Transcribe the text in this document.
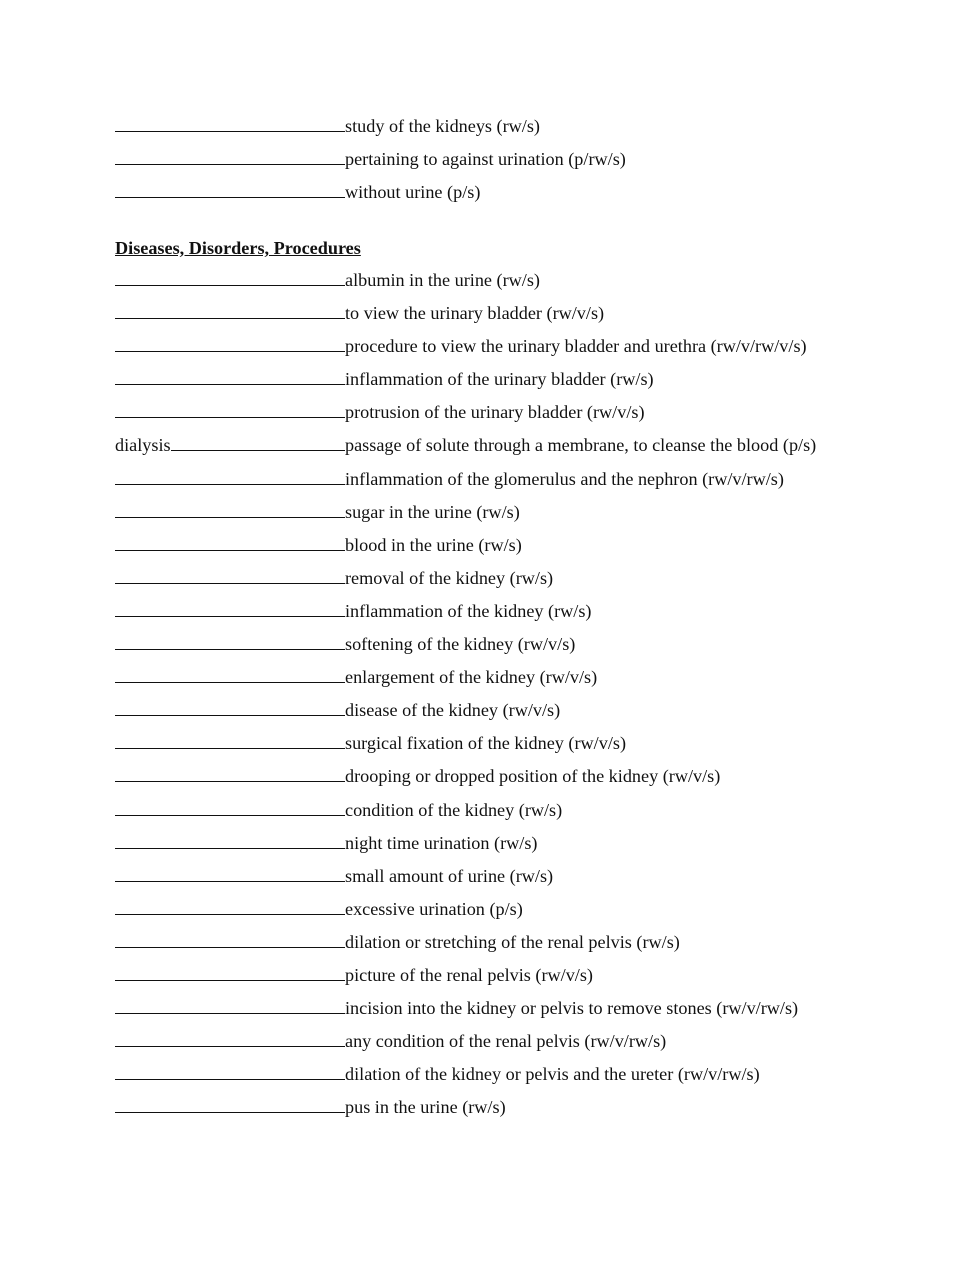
study of the kidneys (rw/s)
pertaining to against urination (p/rw/s)
without urine (p/s)
Diseases, Disorders, Procedures
albumin in the urine (rw/s)
to view the urinary bladder (rw/v/s)
procedure to view the urinary bladder and urethra (rw/v/rw/v/s)
inflammation of the urinary bladder (rw/s)
protrusion of the urinary bladder (rw/v/s)
dialysis	passage of solute through a membrane, to cleanse the blood (p/s)
inflammation of the glomerulus and the nephron (rw/v/rw/s)
sugar in the urine (rw/s)
blood in the urine (rw/s)
removal of the kidney (rw/s)
inflammation of the kidney (rw/s)
softening of the kidney (rw/v/s)
enlargement of the kidney (rw/v/s)
disease of the kidney (rw/v/s)
surgical fixation of the kidney (rw/v/s)
drooping or dropped position of the kidney (rw/v/s)
condition of the kidney (rw/s)
night time urination (rw/s)
small amount of urine (rw/s)
excessive urination (p/s)
dilation or stretching of the renal pelvis (rw/s)
picture of the renal pelvis (rw/v/s)
incision into the kidney or pelvis to remove stones (rw/v/rw/s)
any condition of the renal pelvis (rw/v/rw/s)
dilation of the kidney or pelvis and the ureter (rw/v/rw/s)
pus in the urine (rw/s)
